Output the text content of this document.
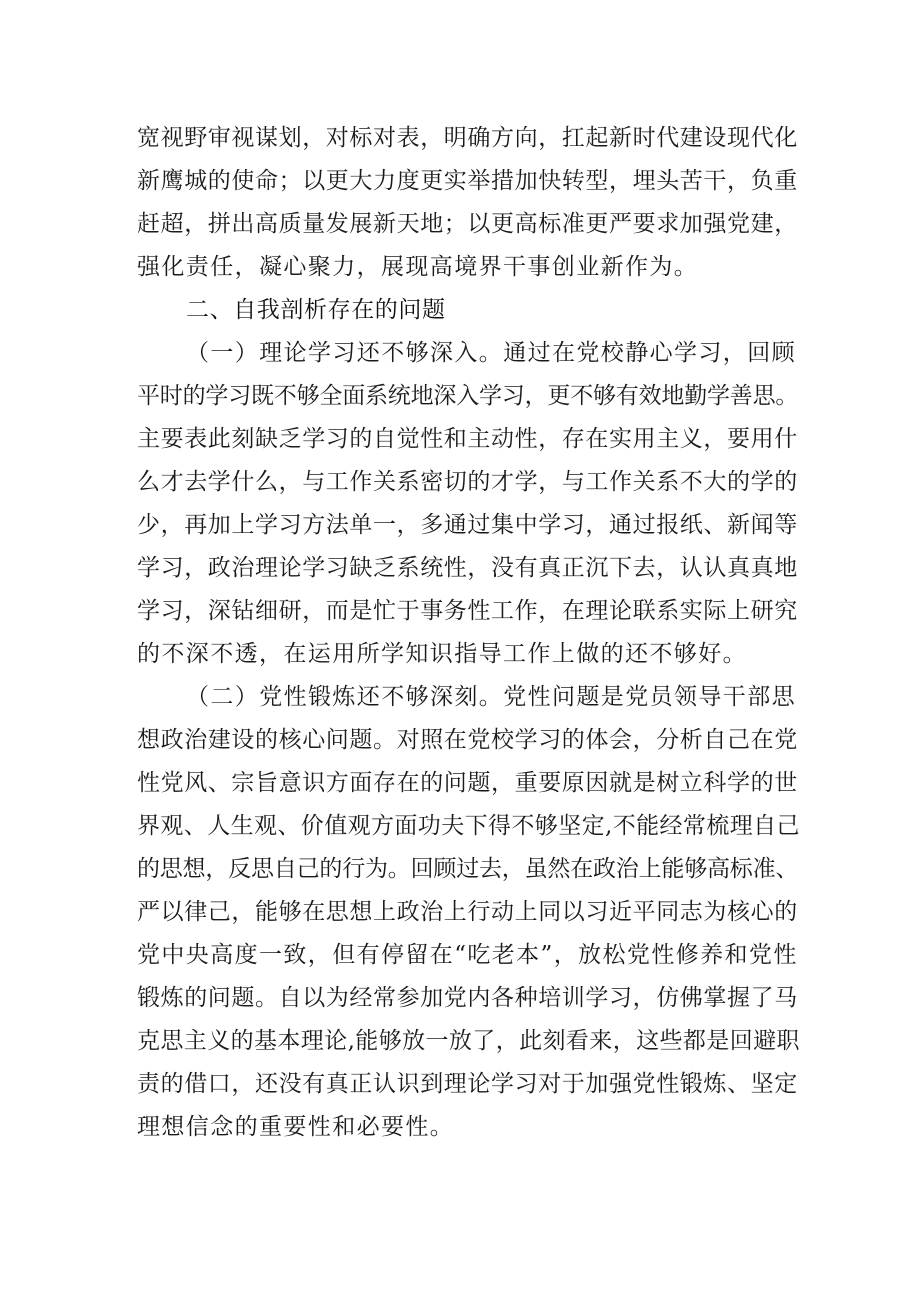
宽视野审视谋划，对标对表，明确方向，扛起新时代建设现代化
新鹰城的使命；以更大力度更实举措加快转型，埋头苦干，负重
赶超，拼出高质量发展新天地；以更高标准更严要求加强党建，
强化责任，凝心聚力，展现高境界干事创业新作为。
二、自我剖析存在的问题
（一）理论学习还不够深入。通过在党校静心学习，回顾
平时的学习既不够全面系统地深入学习，更不够有效地勤学善思。
主要表此刻缺乏学习的自觉性和主动性，存在实用主义，要用什
么才去学什么，与工作关系密切的才学，与工作关系不大的学的
少，再加上学习方法单一，多通过集中学习，通过报纸、新闻等
学习，政治理论学习缺乏系统性，没有真正沉下去，认认真真地
学习，深钻细研，而是忙于事务性工作，在理论联系实际上研究
的不深不透，在运用所学知识指导工作上做的还不够好。
（二）党性锻炼还不够深刻。党性问题是党员领导干部思
想政治建设的核心问题。对照在党校学习的体会，分析自己在党
性党风、宗旨意识方面存在的问题，重要原因就是树立科学的世
界观、人生观、价值观方面功夫下得不够坚定,不能经常梳理自己
的思想，反思自己的行为。回顾过去，虽然在政治上能够高标准、
严以律己，能够在思想上政治上行动上同以习近平同志为核心的
党中央高度一致，但有停留在“吃老本”，放松党性修养和党性
锻炼的问题。自以为经常参加党内各种培训学习，仿佛掌握了马
克思主义的基本理论,能够放一放了，此刻看来，这些都是回避职
责的借口，还没有真正认识到理论学习对于加强党性锻炼、坚定
理想信念的重要性和必要性。
